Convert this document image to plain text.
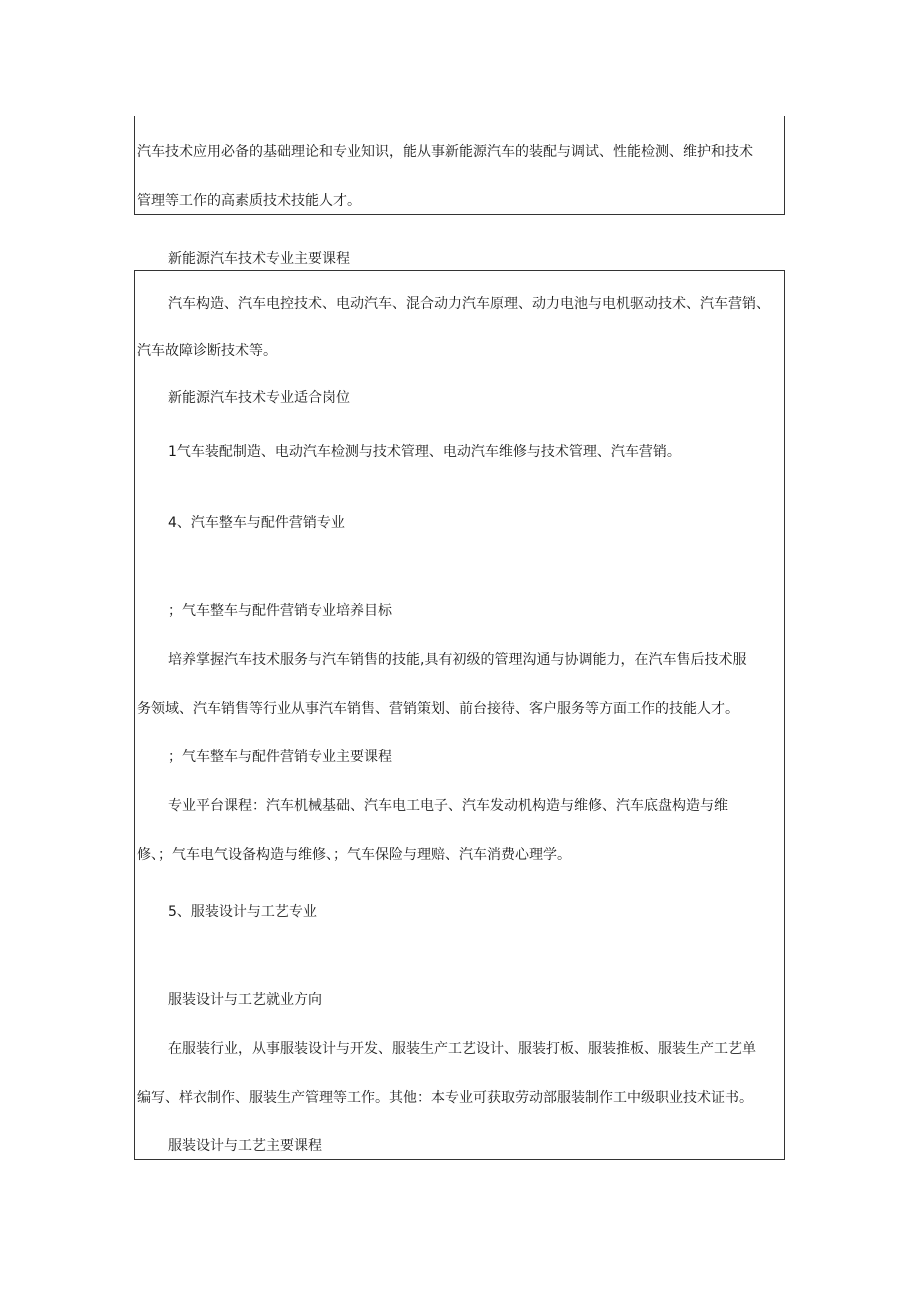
汽车技术应用必备的基础理论和专业知识，能从事新能源汽车的装配与调试、性能检测、维护和技术
管理等工作的高素质技术技能人才。
新能源汽车技术专业主要课程
汽车构造、汽车电控技术、电动汽车、混合动力汽车原理、动力电池与电机驱动技术、汽车营销、
汽车故障诊断技术等。
新能源汽车技术专业适合岗位
1气车装配制造、电动汽车检测与技术管理、电动汽车维修与技术管理、汽车营销。
4、汽车整车与配件营销专业
；气车整车与配件营销专业培养目标
培养掌握汽车技术服务与汽车销售的技能,具有初级的管理沟通与协调能力，在汽车售后技术服
务领域、汽车销售等行业从事汽车销售、营销策划、前台接待、客户服务等方面工作的技能人才。
；气车整车与配件营销专业主要课程
专业平台课程：汽车机械基础、汽车电工电子、汽车发动机构造与维修、汽车底盘构造与维
修、；气车电气设备构造与维修、；气车保险与理赔、汽车消费心理学。
5、服装设计与工艺专业
服装设计与工艺就业方向
在服装行业，从事服装设计与开发、服装生产工艺设计、服装打板、服装推板、服装生产工艺单
编写、样衣制作、服装生产管理等工作。其他：本专业可获取劳动部服装制作工中级职业技术证书。
服装设计与工艺主要课程
